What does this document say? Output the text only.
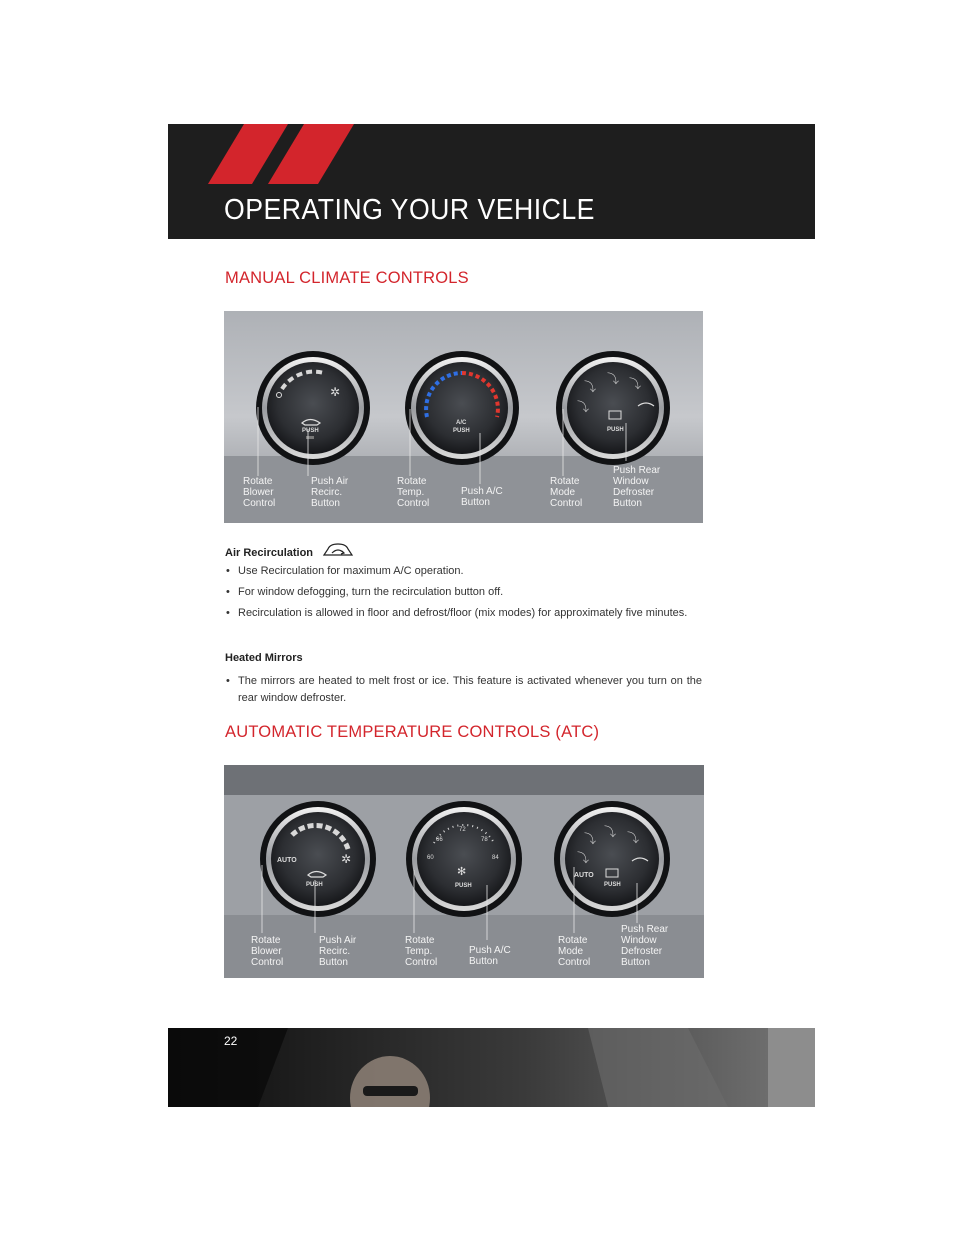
OPERATING YOUR VEHICLE
MANUAL CLIMATE CONTROLS
✲
PUSH
A/C
PUSH
⤵
⤵ ⤵
⤵
PUSH
Rotate Blower Control
Push Air Recirc. Button
Rotate Temp. Control
Push A/C Button
Rotate Mode Control
Push Rear Window Defroster Button
Air Recirculation
• Use Recirculation for maximum A/C operation.
• For window defogging, turn the recirculation button off.
• Recirculation is allowed in floor and defrost/floor (mix modes) for approximately five minutes.
Heated Mirrors
• The mirrors are heated to melt frost or ice. This feature is activated whenever you turn on the rear window defroster.
AUTOMATIC TEMPERATURE CONTROLS (ATC)
AUTO	✲
PUSH
66
72
78
60	84
✻
PUSH
⤵ ⤵ ⤵
⤵
AUTO
PUSH
Rotate Blower Control
Push Air Recirc. Button
Rotate Temp. Control
Push A/C Button
Rotate Mode Control
Push Rear Window Defroster Button
22
